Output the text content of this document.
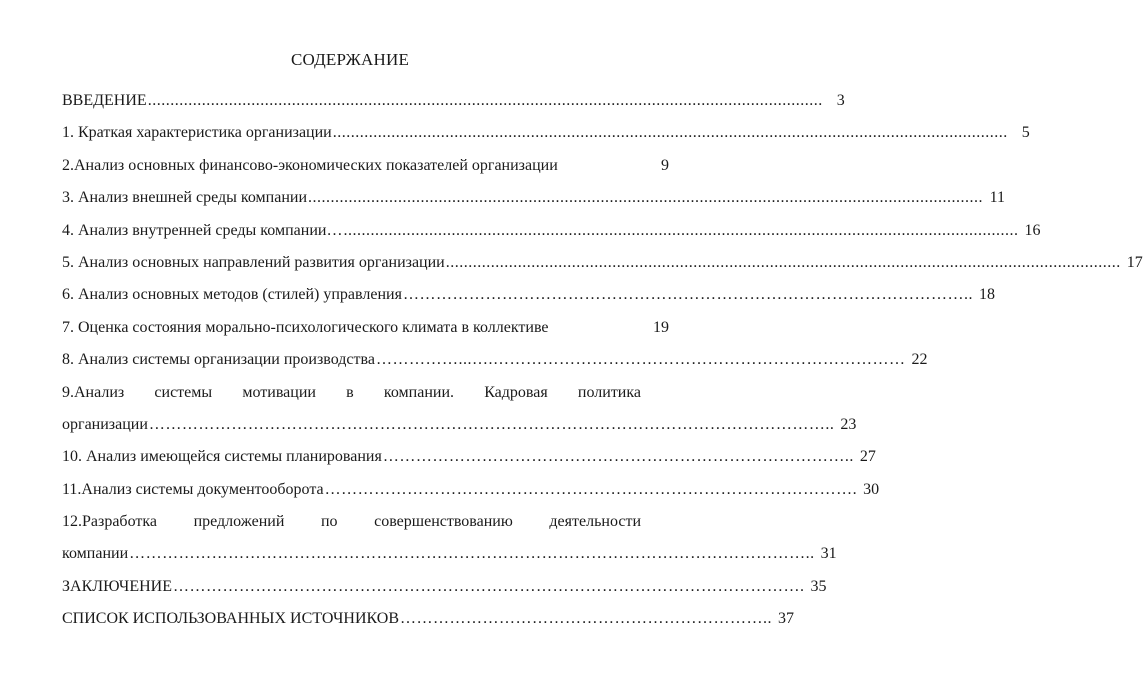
СОДЕРЖАНИЕ
ВВЕДЕНИЕ ...................................................................................................................................................... 3
1. Краткая характеристика организации ...................................................................................................................................................... 5
2.Анализ основных финансово-экономических показателей организации	9
3. Анализ внешней среды компании ...................................................................................................................................................... 11
4. Анализ внутренней среды компании… ...................................................................................................................................................... 16
5. Анализ основных направлений развития организации ...................................................................................................................................................... 17
6. Анализ основных методов (стилей) управления ………………………………………………………………………………………….. 18
7. Оценка состояния морально-психологического климата в коллективе	19
8. Анализ системы организации производства ……………...….………………………………………………………………… 22
9.Анализ системы мотивации в компании. Кадровая политика
организации …………………………………………………………………………………………………………….. 23
10. Анализ имеющейся системы планирования ………………………………………………………………………….. 27
11.Анализ системы документооборота ……………………………………………………………………………………. 30
12.Разработка предложений по совершенствованию деятельности
компании …………………………………………………………………………………………………………….. 31
ЗАКЛЮЧЕНИЕ ……………………………………………………………………………………………………. 35
СПИСОК ИСПОЛЬЗОВАННЫХ ИСТОЧНИКОВ ………………………………………………………….. 37
